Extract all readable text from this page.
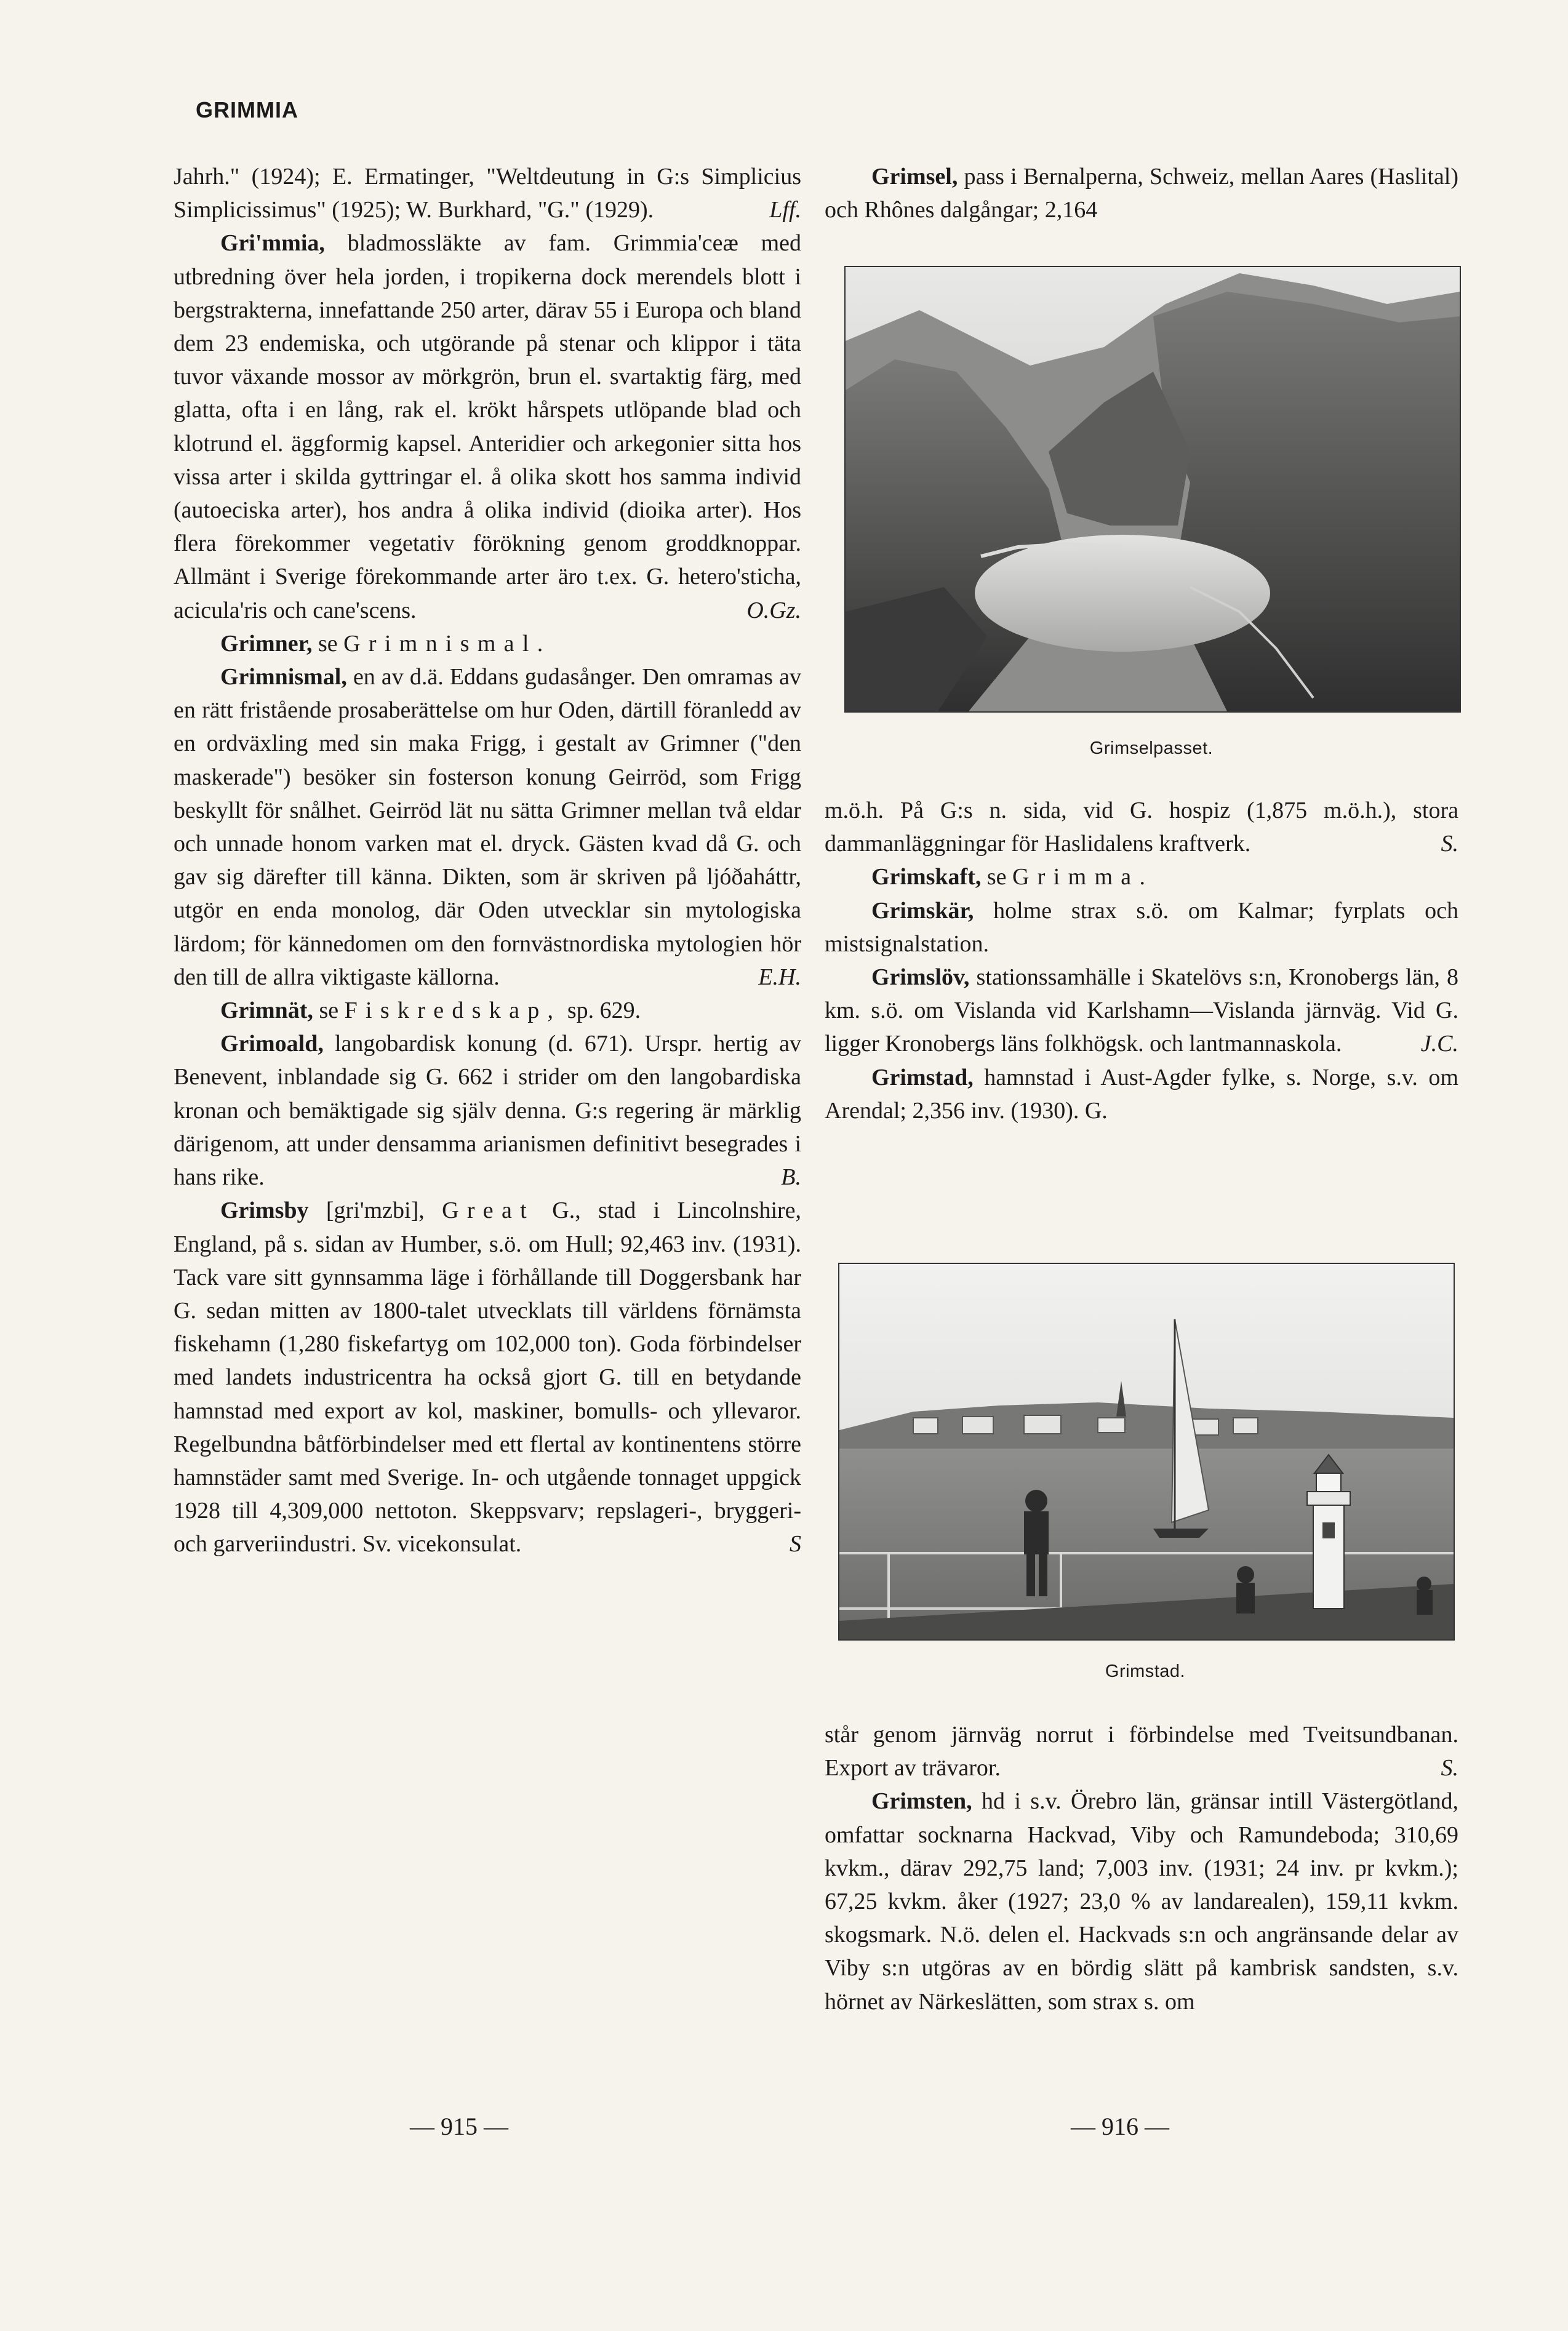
GRIMMIA

Jahrh." (1924); E. Ermatinger, "Weltdeutung in G:s Simplicius Simplicissimus" (1925); W. Burkhard, "G." (1929).	Lff.

Gri'mmia, bladmossläkte av fam. Grimmia'ceæ med utbredning över hela jorden, i tropikerna dock merendels blott i bergstrakterna, innefattande 250 arter, därav 55 i Europa och bland dem 23 endemiska, och utgörande på stenar och klippor i täta tuvor växande mossor av mörkgrön, brun el. svartaktig färg, med glatta, ofta i en lång, rak el. krökt hårspets utlöpande blad och klotrund el. äggformig kapsel. Anteridier och arkegonier sitta hos vissa arter i skilda gyttringar el. å olika skott hos samma individ (autoeciska arter), hos andra å olika individ (dioika arter). Hos flera förekommer vegetativ förökning genom groddknoppar. Allmänt i Sverige förekommande arter äro t.ex. G. hetero'sticha, acicula'ris och cane'scens.	O.Gz.

Grimner, se Grimnismal.

Grimnismal, en av d.ä. Eddans gudasånger. Den omramas av en rätt fristående prosaberättelse om hur Oden, därtill föranledd av en ordväxling med sin maka Frigg, i gestalt av Grimner ("den maskerade") besöker sin fosterson konung Geirröd, som Frigg beskyllt för snålhet. Geirröd lät nu sätta Grimner mellan två eldar och unnade honom varken mat el. dryck. Gästen kvad då G. och gav sig därefter till känna. Dikten, som är skriven på ljóðaháttr, utgör en enda monolog, där Oden utvecklar sin mytologiska lärdom; för kännedomen om den fornvästnordiska mytologien hör den till de allra viktigaste källorna.	E.H.

Grimnät, se Fiskredskap, sp. 629.

Grimoald, langobardisk konung (d. 671). Urspr. hertig av Benevent, inblandade sig G. 662 i strider om den langobardiska kronan och bemäktigade sig själv denna. G:s regering är märklig därigenom, att under densamma arianismen definitivt besegrades i hans rike.	B.

Grimsby [gri'mzbi], Great G., stad i Lincolnshire, England, på s. sidan av Humber, s.ö. om Hull; 92,463 inv. (1931). Tack vare sitt gynnsamma läge i förhållande till Doggersbank har G. sedan mitten av 1800-talet utvecklats till världens förnämsta fiskehamn (1,280 fiskefartyg om 102,000 ton). Goda förbindelser med landets industricentra ha också gjort G. till en betydande hamnstad med export av kol, maskiner, bomulls- och yllevaror. Regelbundna båtförbindelser med ett flertal av kontinentens större hamnstäder samt med Sverige. In- och utgående tonnaget uppgick 1928 till 4,309,000 nettoton. Skeppsvarv; repslageri-, bryggeri- och garveriindustri. Sv. vicekonsulat.	S

Grimsel, pass i Bernalperna, Schweiz, mellan Aares (Haslital) och Rhônes dalgångar; 2,164

Grimselpasset.

m.ö.h. På G:s n. sida, vid G. hospiz (1,875 m.ö.h.), stora dammanläggningar för Haslidalens kraftverk.	S.

Grimskaft, se Grimma.

Grimskär, holme strax s.ö. om Kalmar; fyrplats och mistsignalstation.

Grimslöv, stationssamhälle i Skatelövs s:n, Kronobergs län, 8 km. s.ö. om Vislanda vid Karlshamn—Vislanda järnväg. Vid G. ligger Kronobergs läns folkhögsk. och lantmannaskola.	J.C.

Grimstad, hamnstad i Aust-Agder fylke, s. Norge, s.v. om Arendal; 2,356 inv. (1930). G.

Grimstad.

står genom järnväg norrut i förbindelse med Tveitsundbanan. Export av trävaror.	S.

Grimsten, hd i s.v. Örebro län, gränsar intill Västergötland, omfattar socknarna Hackvad, Viby och Ramundeboda; 310,69 kvkm., därav 292,75 land; 7,003 inv. (1931; 24 inv. pr kvkm.); 67,25 kvkm. åker (1927; 23,0 % av landarealen), 159,11 kvkm. skogsmark. N.ö. delen el. Hackvads s:n och angränsande delar av Viby s:n utgöras av en bördig slätt på kambrisk sandsten, s.v. hörnet av Närkeslätten, som strax s. om

— 915 —	— 916 —
